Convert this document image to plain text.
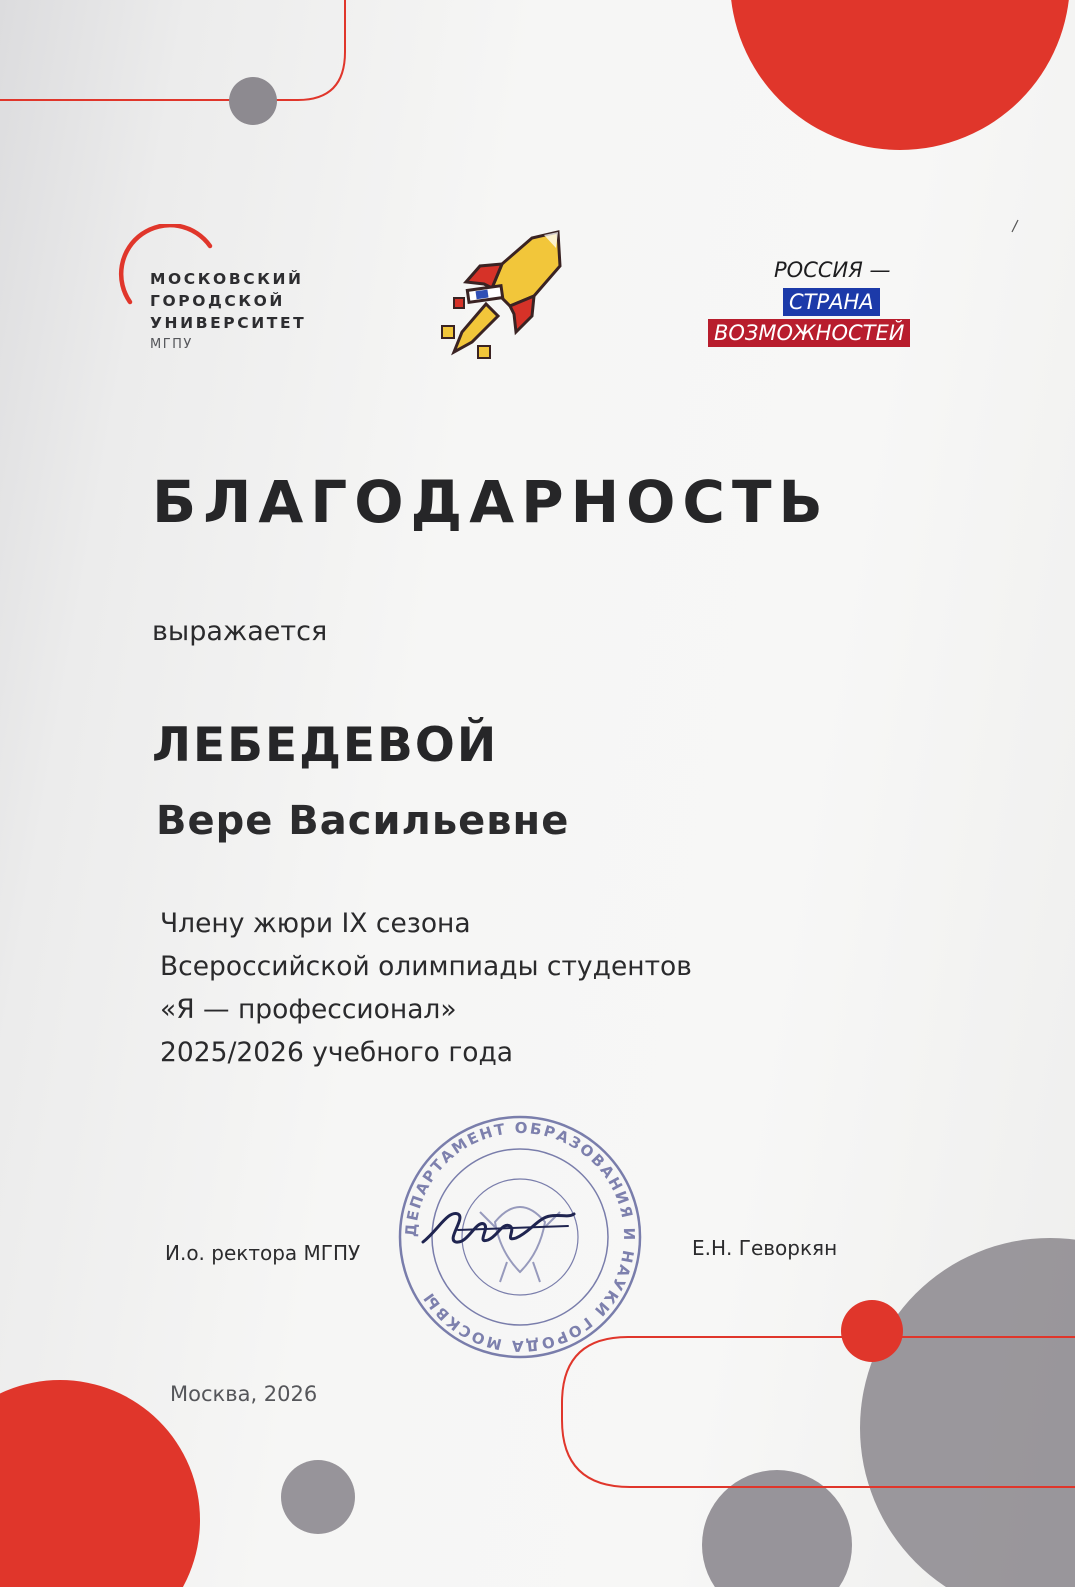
МОСКОВСКИЙ
ГОРОДСКОЙ
УНИВЕРСИТЕТ
МГПУ
РОССИЯ —
СТРАНА
ВОЗМОЖНОСТЕЙ
БЛАГОДАРНОСТЬ
выражается
ЛЕБЕДЕВОЙ
Вере Васильевне
Члену жюри IX сезона
Всероссийской олимпиады студентов
«Я — профессионал»
2025/2026 учебного года
ДЕПАРТАМЕНТ ОБРАЗОВАНИЯ И НАУКИ ГОРОДА МОСКВЫ
И.о. ректора МГПУ	Е.Н. Геворкян
Москва, 2026
